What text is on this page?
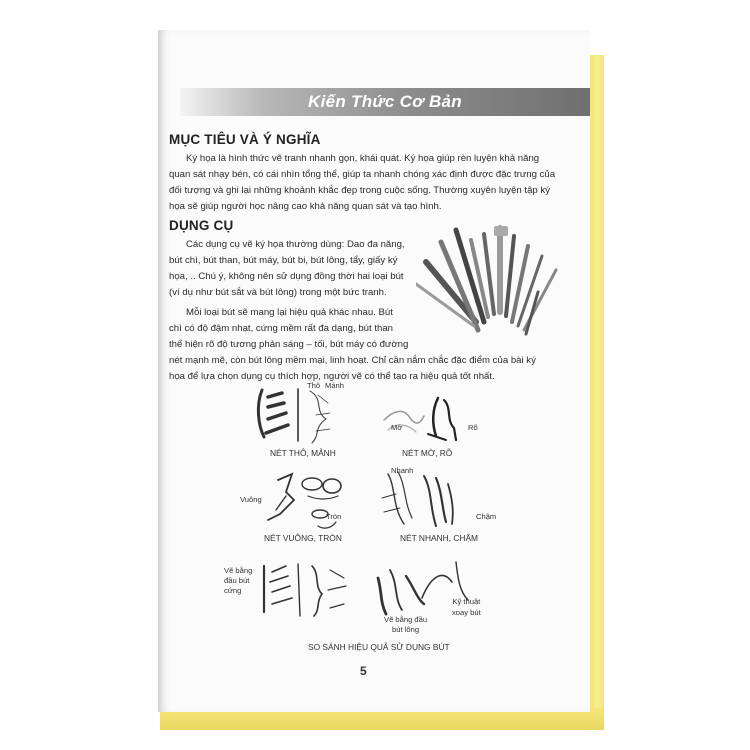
Kiến Thức Cơ Bản
MỤC TIÊU VÀ Ý NGHĨA
Ký họa là hình thức vẽ tranh nhanh gọn, khái quát. Ký họa giúp rèn luyện khả năng
quan sát nhạy bén, có cái nhìn tổng thể, giúp ta nhanh chóng xác định được đặc trưng của
đối tượng và ghi lại những khoảnh khắc đẹp trong cuộc sống. Thường xuyên luyện tập ký
họa sẽ giúp người học nâng cao khả năng quan sát và tạo hình.
DỤNG CỤ
Các dụng cụ vẽ ký họa thường dùng: Dao đa năng,
bút chì, bút than, bút máy, bút bi, bút lông, tẩy, giấy ký
họa, .. Chú ý, không nên sử dụng đồng thời hai loại bút
(ví dụ như bút sắt và bút lông) trong một bức tranh.
Mỗi loại bút sẽ mang lại hiệu quả khác nhau. Bút
chì có độ đậm nhạt, cứng mềm rất đa dạng, bút than
thể hiện rõ độ tương phản sáng – tối, bút máy có đường
nét mạnh mẽ, còn bút lông mềm mại, linh hoạt. Chỉ cần nắm chắc đặc điểm của bài ký
họa để lựa chọn dụng cụ thích hợp, người vẽ có thể tạo ra hiệu quả tốt nhất.
Thô Mảnh
NÉT THÔ, MẢNH
Mờ	Rõ
NÉT MỜ, RÕ
Vuông
Tròn
NÉT VUÔNG, TRÒN
Nhanh
Chậm
NÉT NHANH, CHẬM
Vẽ bằng
đầu bút
cứng
Vẽ bằng đầu
bút lông
Kỹ thuật
xoay bút
SO SÁNH HIỆU QUẢ SỬ DỤNG BÚT
5
